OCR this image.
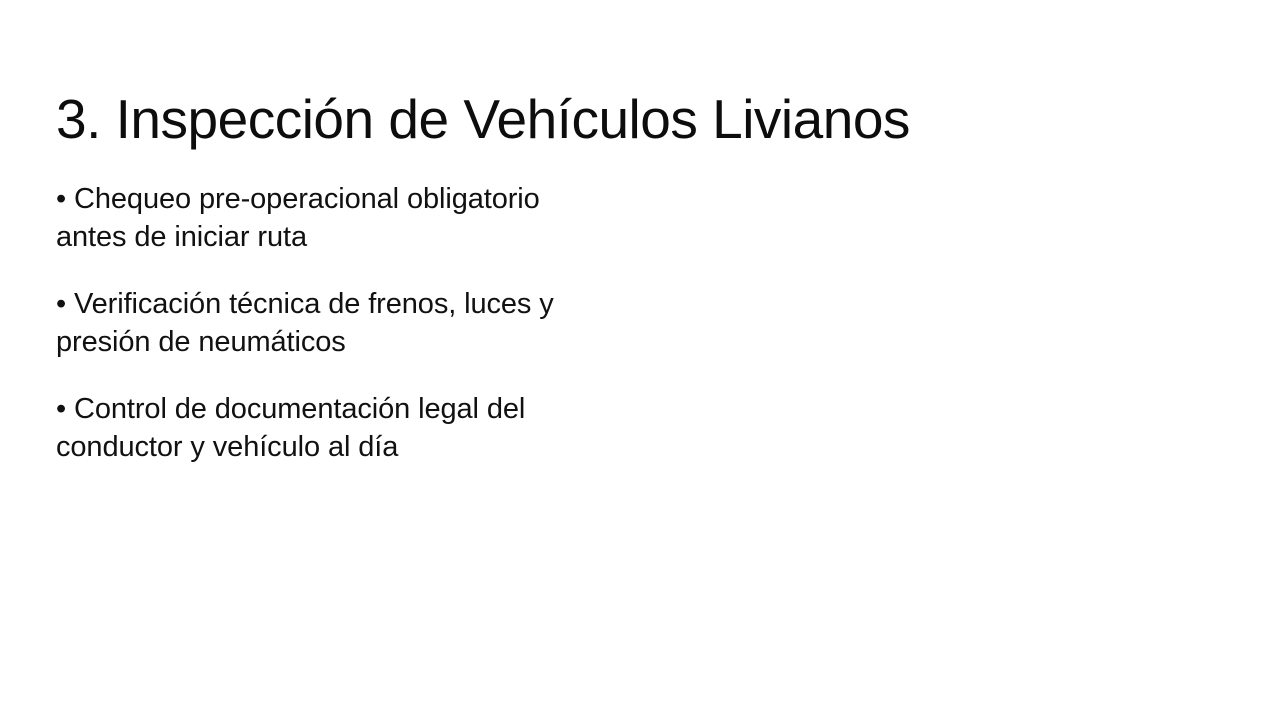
3. Inspección de Vehículos Livianos

• Chequeo pre-operacional obligatorio antes de iniciar ruta

• Verificación técnica de frenos, luces y presión de neumáticos

• Control de documentación legal del conductor y vehículo al día
